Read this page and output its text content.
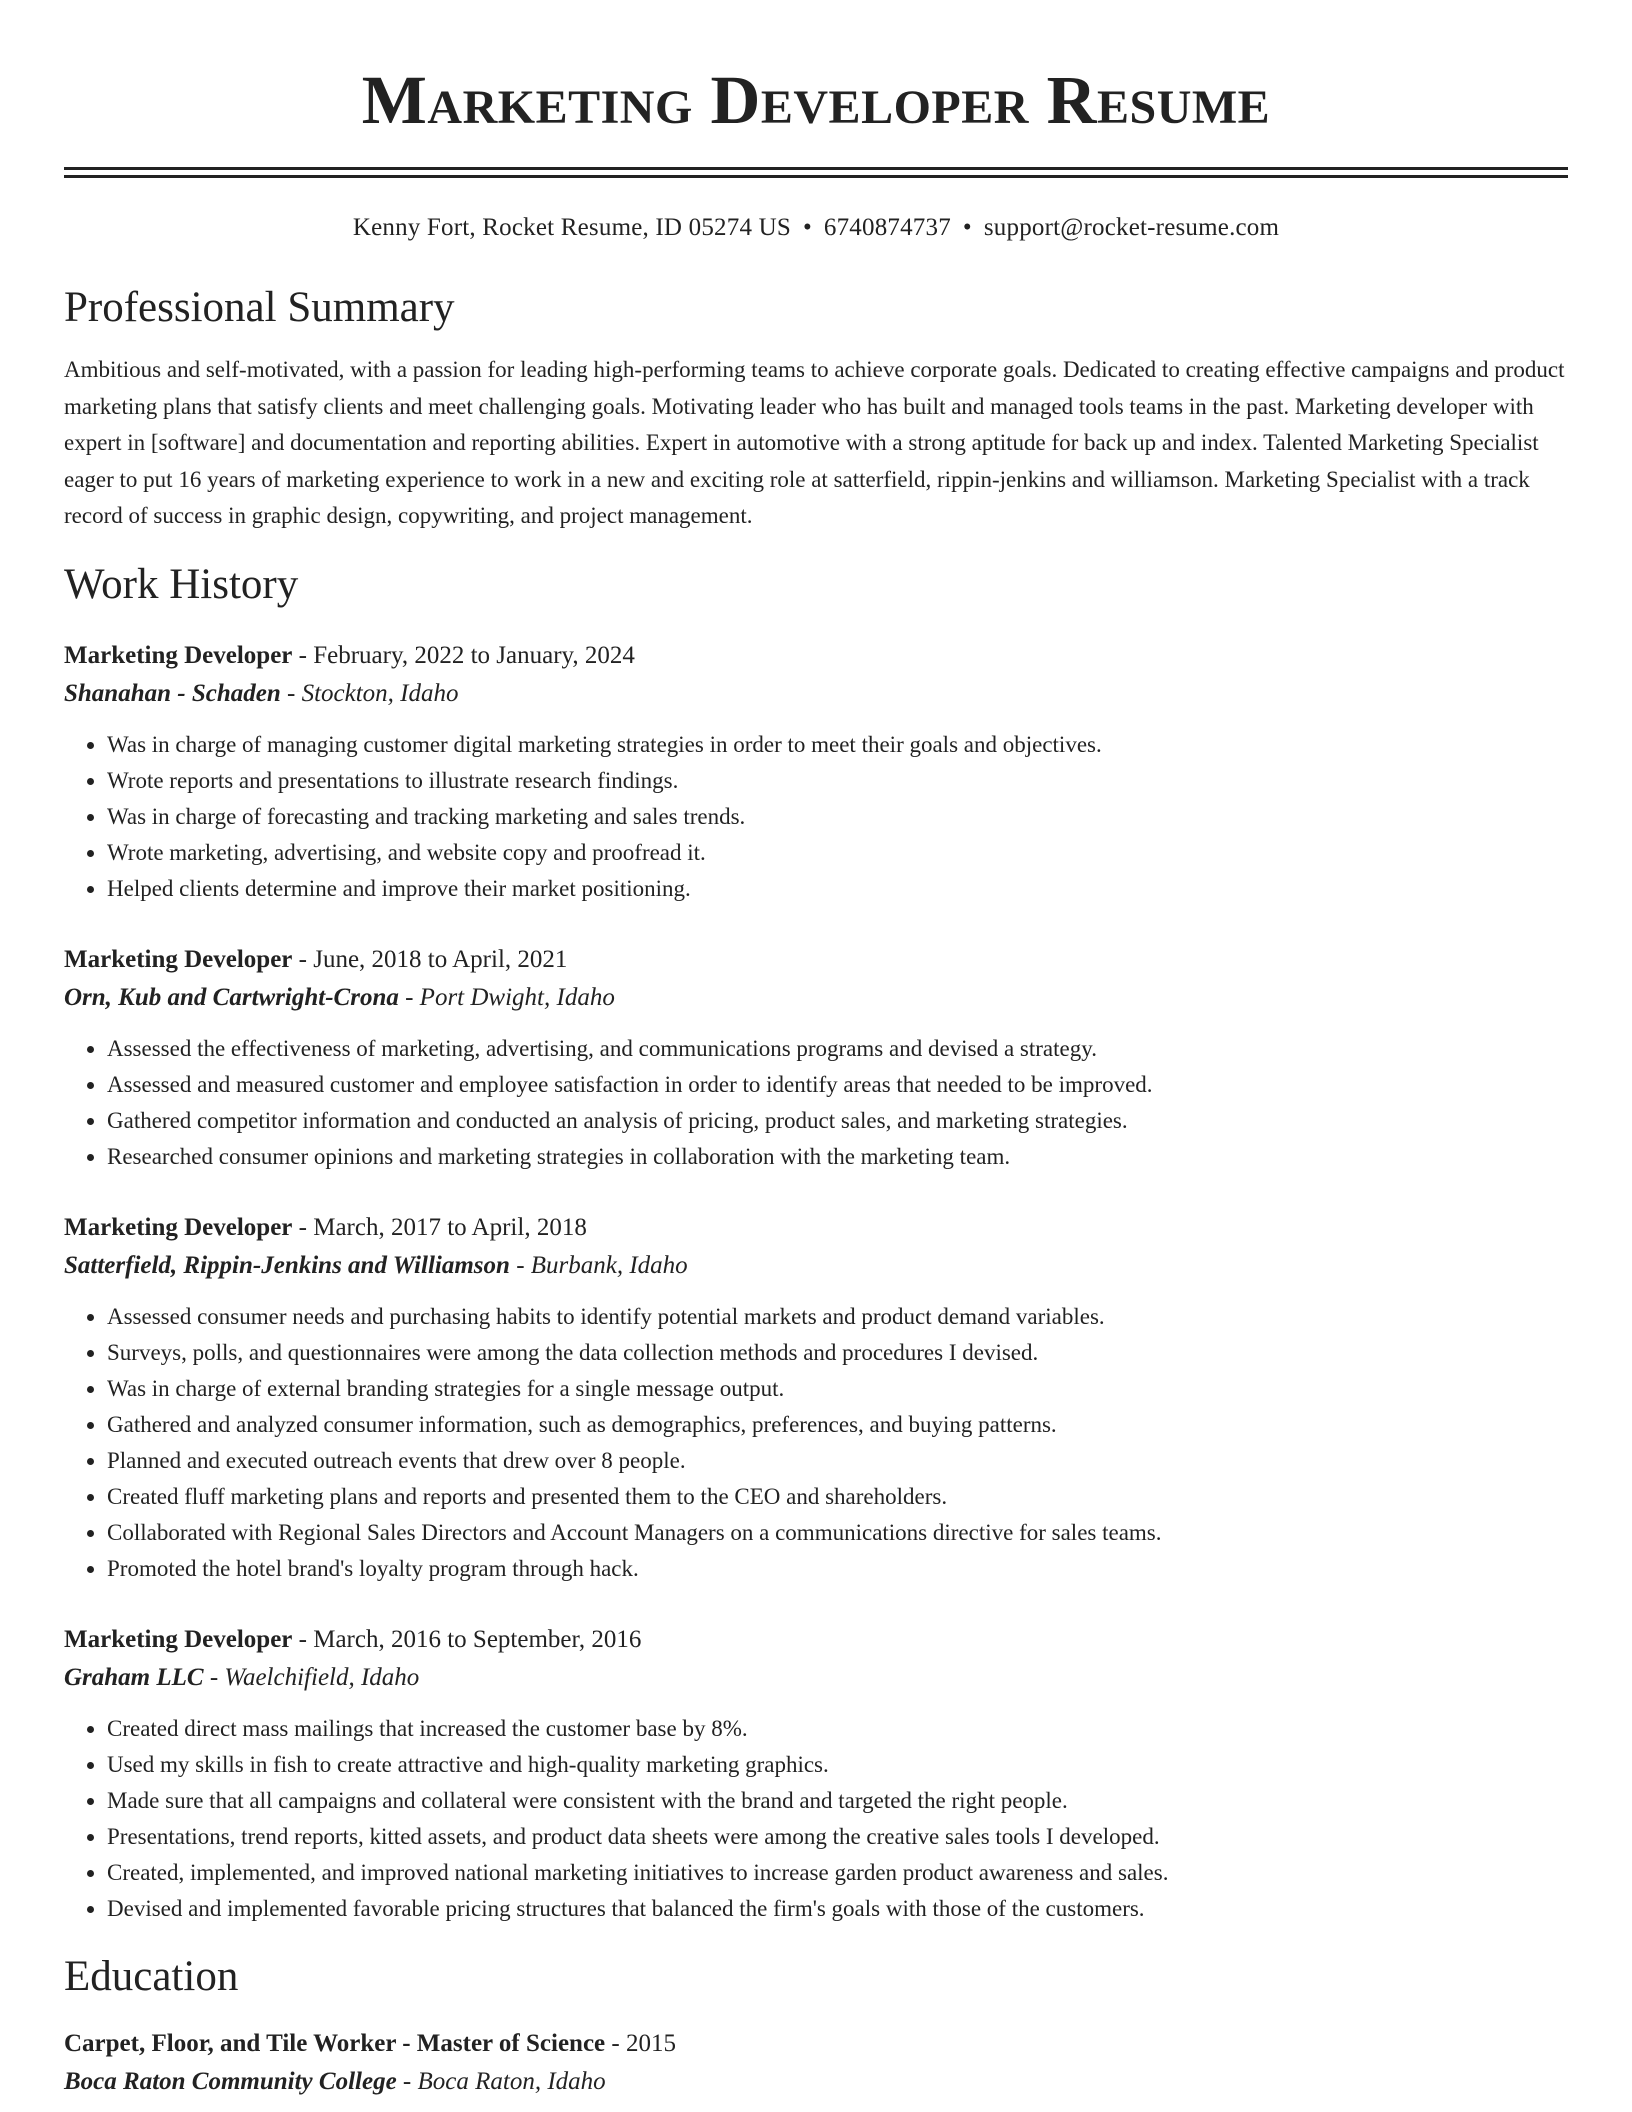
Marketing Developer Resume
Kenny Fort, Rocket Resume, ID 05274 US • 6740874737 • support@rocket-resume.com
Professional Summary

Ambitious and self-motivated, with a passion for leading high-performing teams to achieve corporate goals. Dedicated to creating effective campaigns and product marketing plans that satisfy clients and meet challenging goals. Motivating leader who has built and managed tools teams in the past. Marketing developer with expert in [software] and documentation and reporting abilities. Expert in automotive with a strong aptitude for back up and index. Talented Marketing Specialist eager to put 16 years of marketing experience to work in a new and exciting role at satterfield, rippin-jenkins and williamson. Marketing Specialist with a track record of success in graphic design, copywriting, and project management.

Work History
Marketing Developer - February, 2022 to January, 2024
Shanahan - Schaden - Stockton, Idaho
• Was in charge of managing customer digital marketing strategies in order to meet their goals and objectives.
• Wrote reports and presentations to illustrate research findings.
• Was in charge of forecasting and tracking marketing and sales trends.
• Wrote marketing, advertising, and website copy and proofread it.
• Helped clients determine and improve their market positioning.
Marketing Developer - June, 2018 to April, 2021
Orn, Kub and Cartwright-Crona - Port Dwight, Idaho
• Assessed the effectiveness of marketing, advertising, and communications programs and devised a strategy.
• Assessed and measured customer and employee satisfaction in order to identify areas that needed to be improved.
• Gathered competitor information and conducted an analysis of pricing, product sales, and marketing strategies.
• Researched consumer opinions and marketing strategies in collaboration with the marketing team.
Marketing Developer - March, 2017 to April, 2018
Satterfield, Rippin-Jenkins and Williamson - Burbank, Idaho
• Assessed consumer needs and purchasing habits to identify potential markets and product demand variables.
• Surveys, polls, and questionnaires were among the data collection methods and procedures I devised.
• Was in charge of external branding strategies for a single message output.
• Gathered and analyzed consumer information, such as demographics, preferences, and buying patterns.
• Planned and executed outreach events that drew over 8 people.
• Created fluff marketing plans and reports and presented them to the CEO and shareholders.
• Collaborated with Regional Sales Directors and Account Managers on a communications directive for sales teams.
• Promoted the hotel brand's loyalty program through hack.
Marketing Developer - March, 2016 to September, 2016
Graham LLC - Waelchifield, Idaho
• Created direct mass mailings that increased the customer base by 8%.
• Used my skills in fish to create attractive and high-quality marketing graphics.
• Made sure that all campaigns and collateral were consistent with the brand and targeted the right people.
• Presentations, trend reports, kitted assets, and product data sheets were among the creative sales tools I developed.
• Created, implemented, and improved national marketing initiatives to increase garden product awareness and sales.
• Devised and implemented favorable pricing structures that balanced the firm's goals with those of the customers.
Education
Carpet, Floor, and Tile Worker - Master of Science - 2015
Boca Raton Community College - Boca Raton, Idaho
